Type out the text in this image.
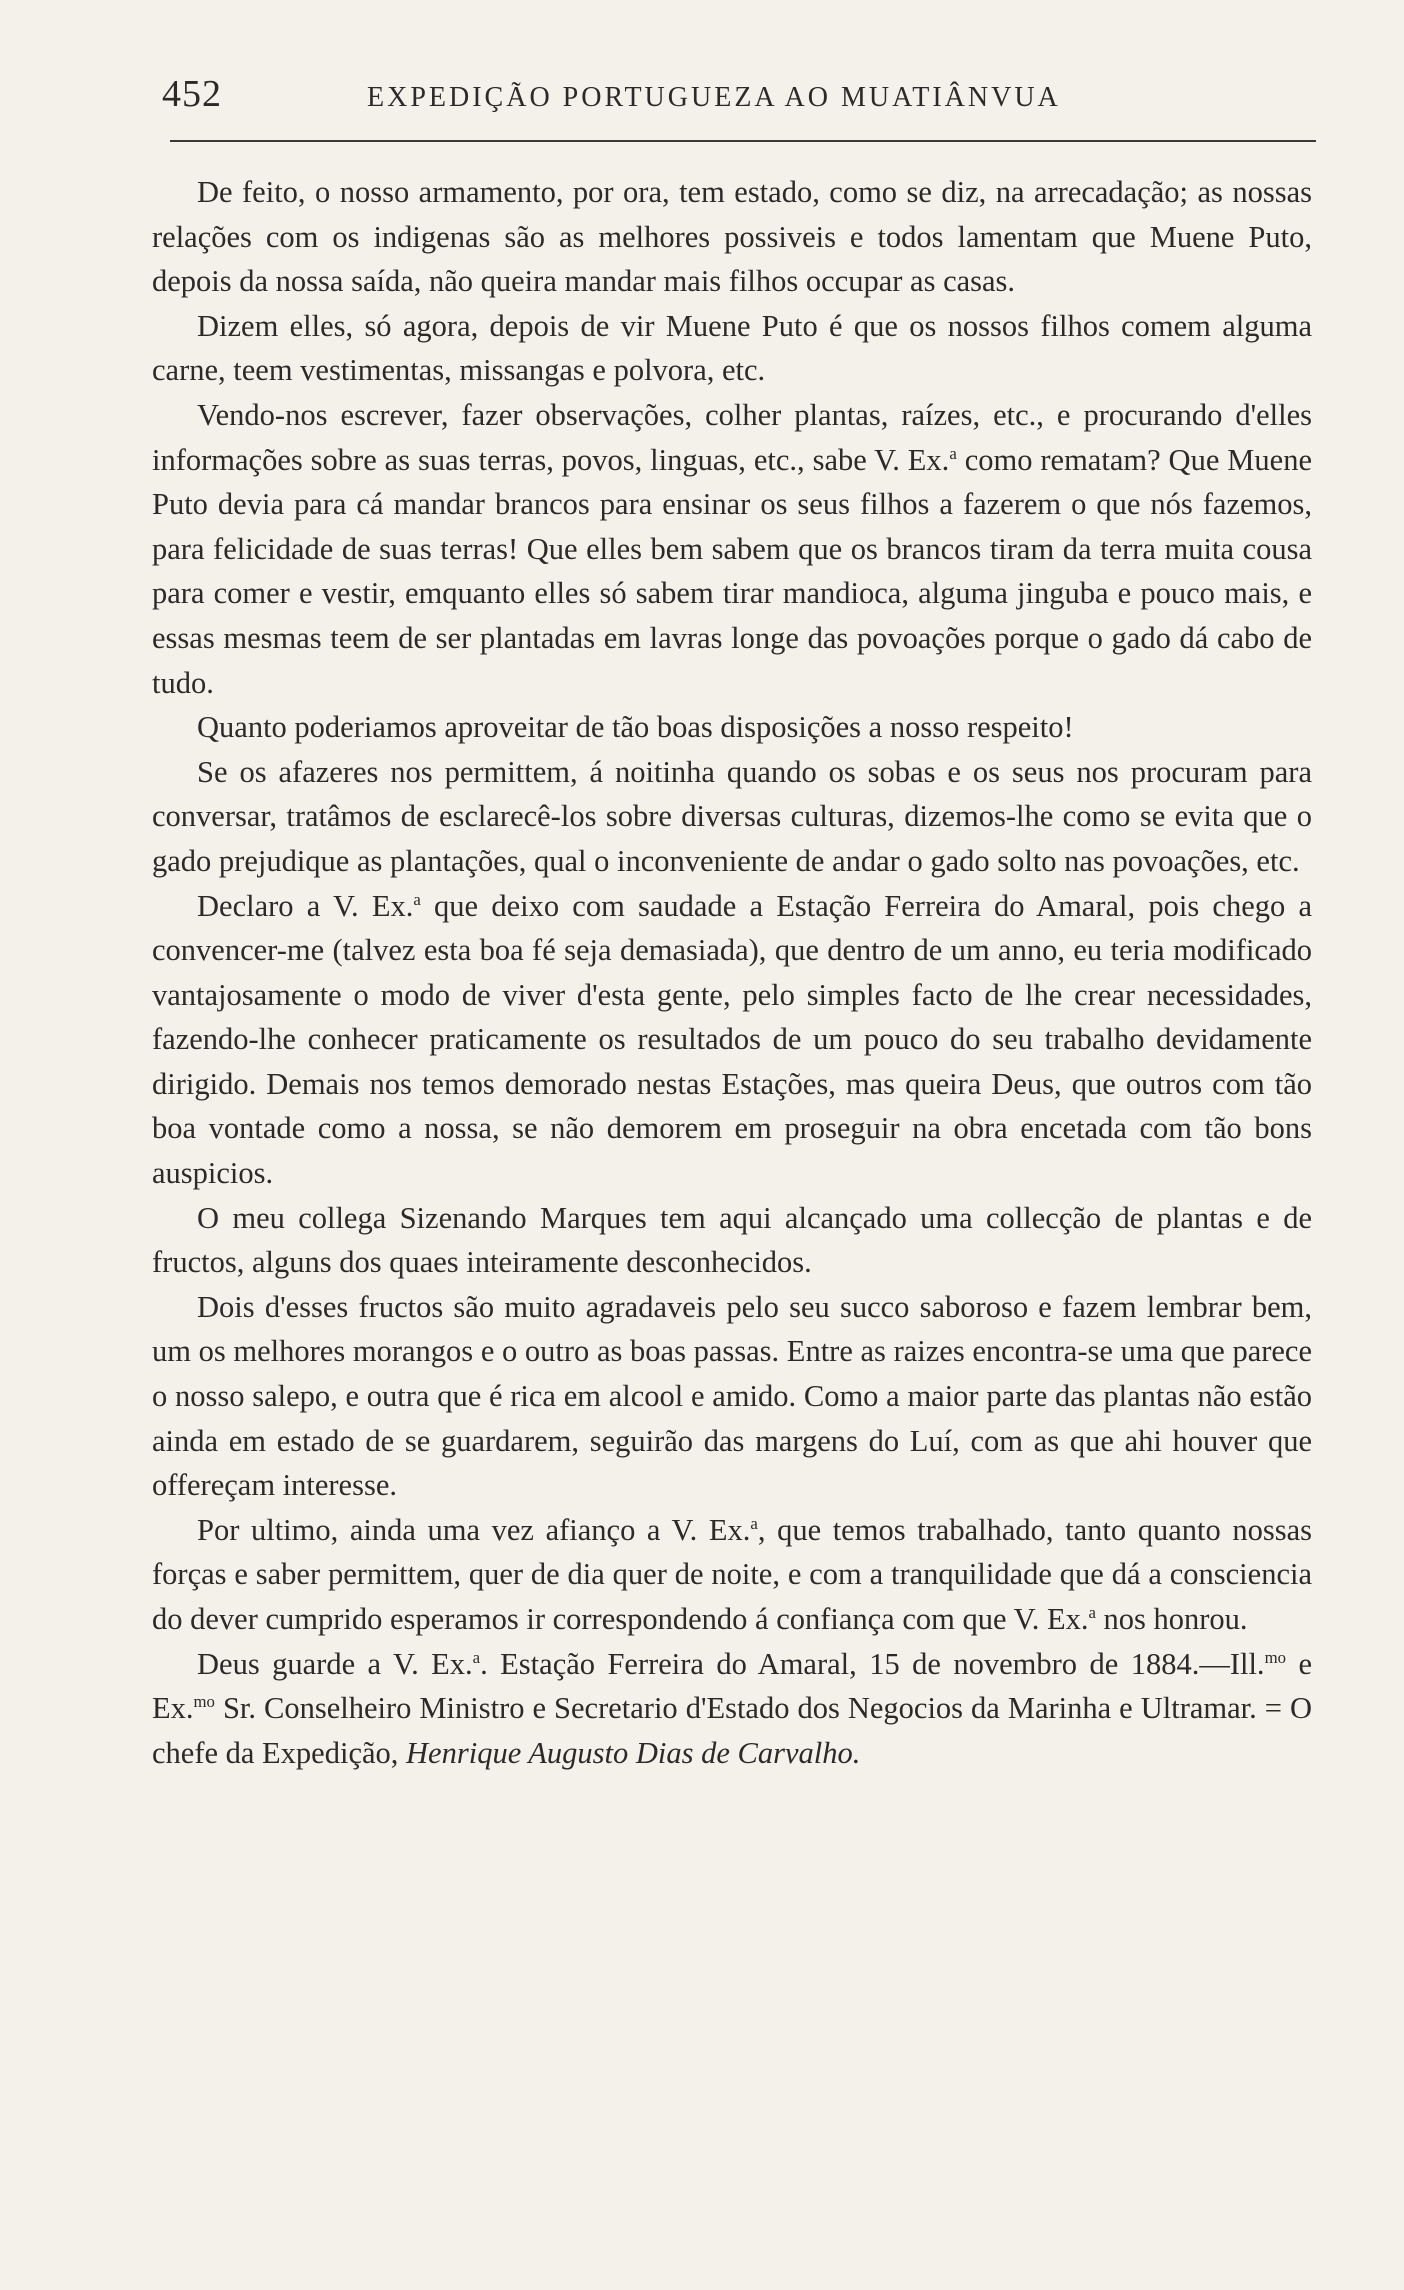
452	EXPEDIÇÃO PORTUGUEZA AO MUATIÂNVUA

De feito, o nosso armamento, por ora, tem estado, como se diz, na arrecadação; as nossas relações com os indigenas são as melhores possiveis e todos lamentam que Muene Puto, depois da nossa saída, não queira mandar mais filhos occupar as casas.

Dizem elles, só agora, depois de vir Muene Puto é que os nossos filhos comem alguma carne, teem vestimentas, missangas e polvora, etc.

Vendo-nos escrever, fazer observações, colher plantas, raízes, etc., e procurando d'elles informações sobre as suas terras, povos, linguas, etc., sabe V. Ex.$^a$ como rematam? Que Muene Puto devia para cá mandar brancos para ensinar os seus filhos a fazerem o que nós fazemos, para felicidade de suas terras! Que elles bem sabem que os brancos tiram da terra muita cousa para comer e vestir, emquanto elles só sabem tirar mandioca, alguma jinguba e pouco mais, e essas mesmas teem de ser plantadas em lavras longe das povoações porque o gado dá cabo de tudo.

Quanto poderiamos aproveitar de tão boas disposições a nosso respeito!

Se os afazeres nos permittem, á noitinha quando os sobas e os seus nos procuram para conversar, tratâmos de esclarecê-los sobre diversas culturas, dizemos-lhe como se evita que o gado prejudique as plantações, qual o inconveniente de andar o gado solto nas povoações, etc.

Declaro a V. Ex.$^a$ que deixo com saudade a Estação Ferreira do Amaral, pois chego a convencer-me (talvez esta boa fé seja demasiada), que dentro de um anno, eu teria modificado vantajosamente o modo de viver d'esta gente, pelo simples facto de lhe crear necessidades, fazendo-lhe conhecer praticamente os resultados de um pouco do seu trabalho devidamente dirigido. Demais nos temos demorado nestas Estações, mas queira Deus, que outros com tão boa vontade como a nossa, se não demorem em proseguir na obra encetada com tão bons auspicios.

O meu collega Sizenando Marques tem aqui alcançado uma collecção de plantas e de fructos, alguns dos quaes inteiramente desconhecidos.

Dois d'esses fructos são muito agradaveis pelo seu succo saboroso e fazem lembrar bem, um os melhores morangos e o outro as boas passas. Entre as raizes encontra-se uma que parece o nosso salepo, e outra que é rica em alcool e amido. Como a maior parte das plantas não estão ainda em estado de se guardarem, seguirão das margens do Luí, com as que ahi houver que offereçam interesse.

Por ultimo, ainda uma vez afianço a V. Ex.$^a$, que temos trabalhado, tanto quanto nossas forças e saber permittem, quer de dia quer de noite, e com a tranquilidade que dá a consciencia do dever cumprido esperamos ir correspondendo á confiança com que V. Ex.$^a$ nos honrou.

Deus guarde a V. Ex.$^a$. Estação Ferreira do Amaral, 15 de novembro de 1884.—Ill.$^{mo}$ e Ex.$^{mo}$ Sr. Conselheiro Ministro e Secretario d'Estado dos Negocios da Marinha e Ultramar. = O chefe da Expedição, Henrique Augusto Dias de Carvalho.
